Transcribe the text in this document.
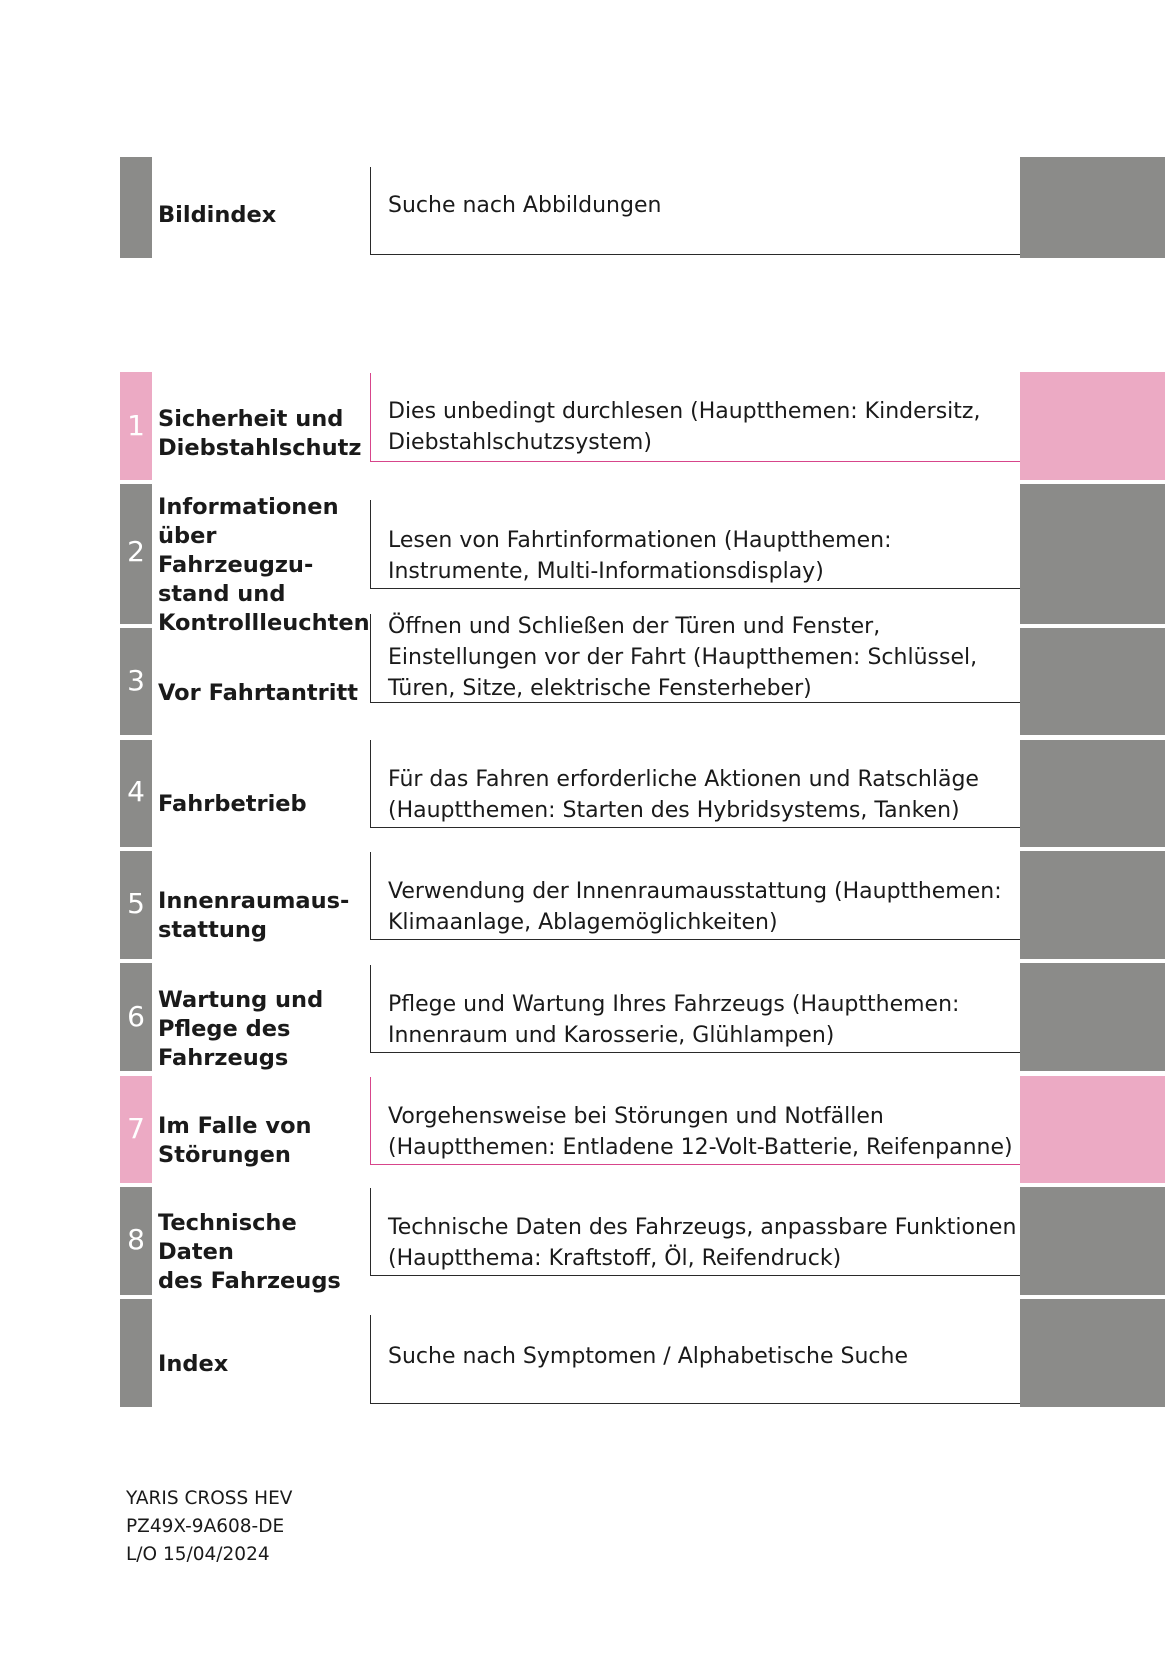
Bildindex	Suche nach Abbildungen
1 Sicherheit und
Diebstahlschutz
Dies unbedingt durchlesen (Hauptthemen: Kindersitz,
Diebstahlschutzsystem)
2
Informationen
über Fahrzeugzu-
stand und
Kontrollleuchten
Lesen von Fahrtinformationen (Hauptthemen:
Instrumente, Multi-Informationsdisplay)
3 Vor Fahrtantritt
Öffnen und Schließen der Türen und Fenster,
Einstellungen vor der Fahrt (Hauptthemen: Schlüssel,
Türen, Sitze, elektrische Fensterheber)
4 Fahrbetrieb
Für das Fahren erforderliche Aktionen und Ratschläge
(Hauptthemen: Starten des Hybridsystems, Tanken)
5 Innenraumaus-
stattung
Verwendung der Innenraumausstattung (Hauptthemen:
Klimaanlage, Ablagemöglichkeiten)
6
Wartung und
Pflege des
Fahrzeugs
Pflege und Wartung Ihres Fahrzeugs (Hauptthemen:
Innenraum und Karosserie, Glühlampen)
7 Im Falle von
Störungen
Vorgehensweise bei Störungen und Notfällen
(Hauptthemen: Entladene 12-Volt-Batterie, Reifenpanne)
8
Technische Daten
des Fahrzeugs
Technische Daten des Fahrzeugs, anpassbare Funktionen
(Hauptthema: Kraftstoff, Öl, Reifendruck)
Index	Suche nach Symptomen / Alphabetische Suche
YARIS CROSS HEV
PZ49X-9A608-DE
L/O 15/04/2024
